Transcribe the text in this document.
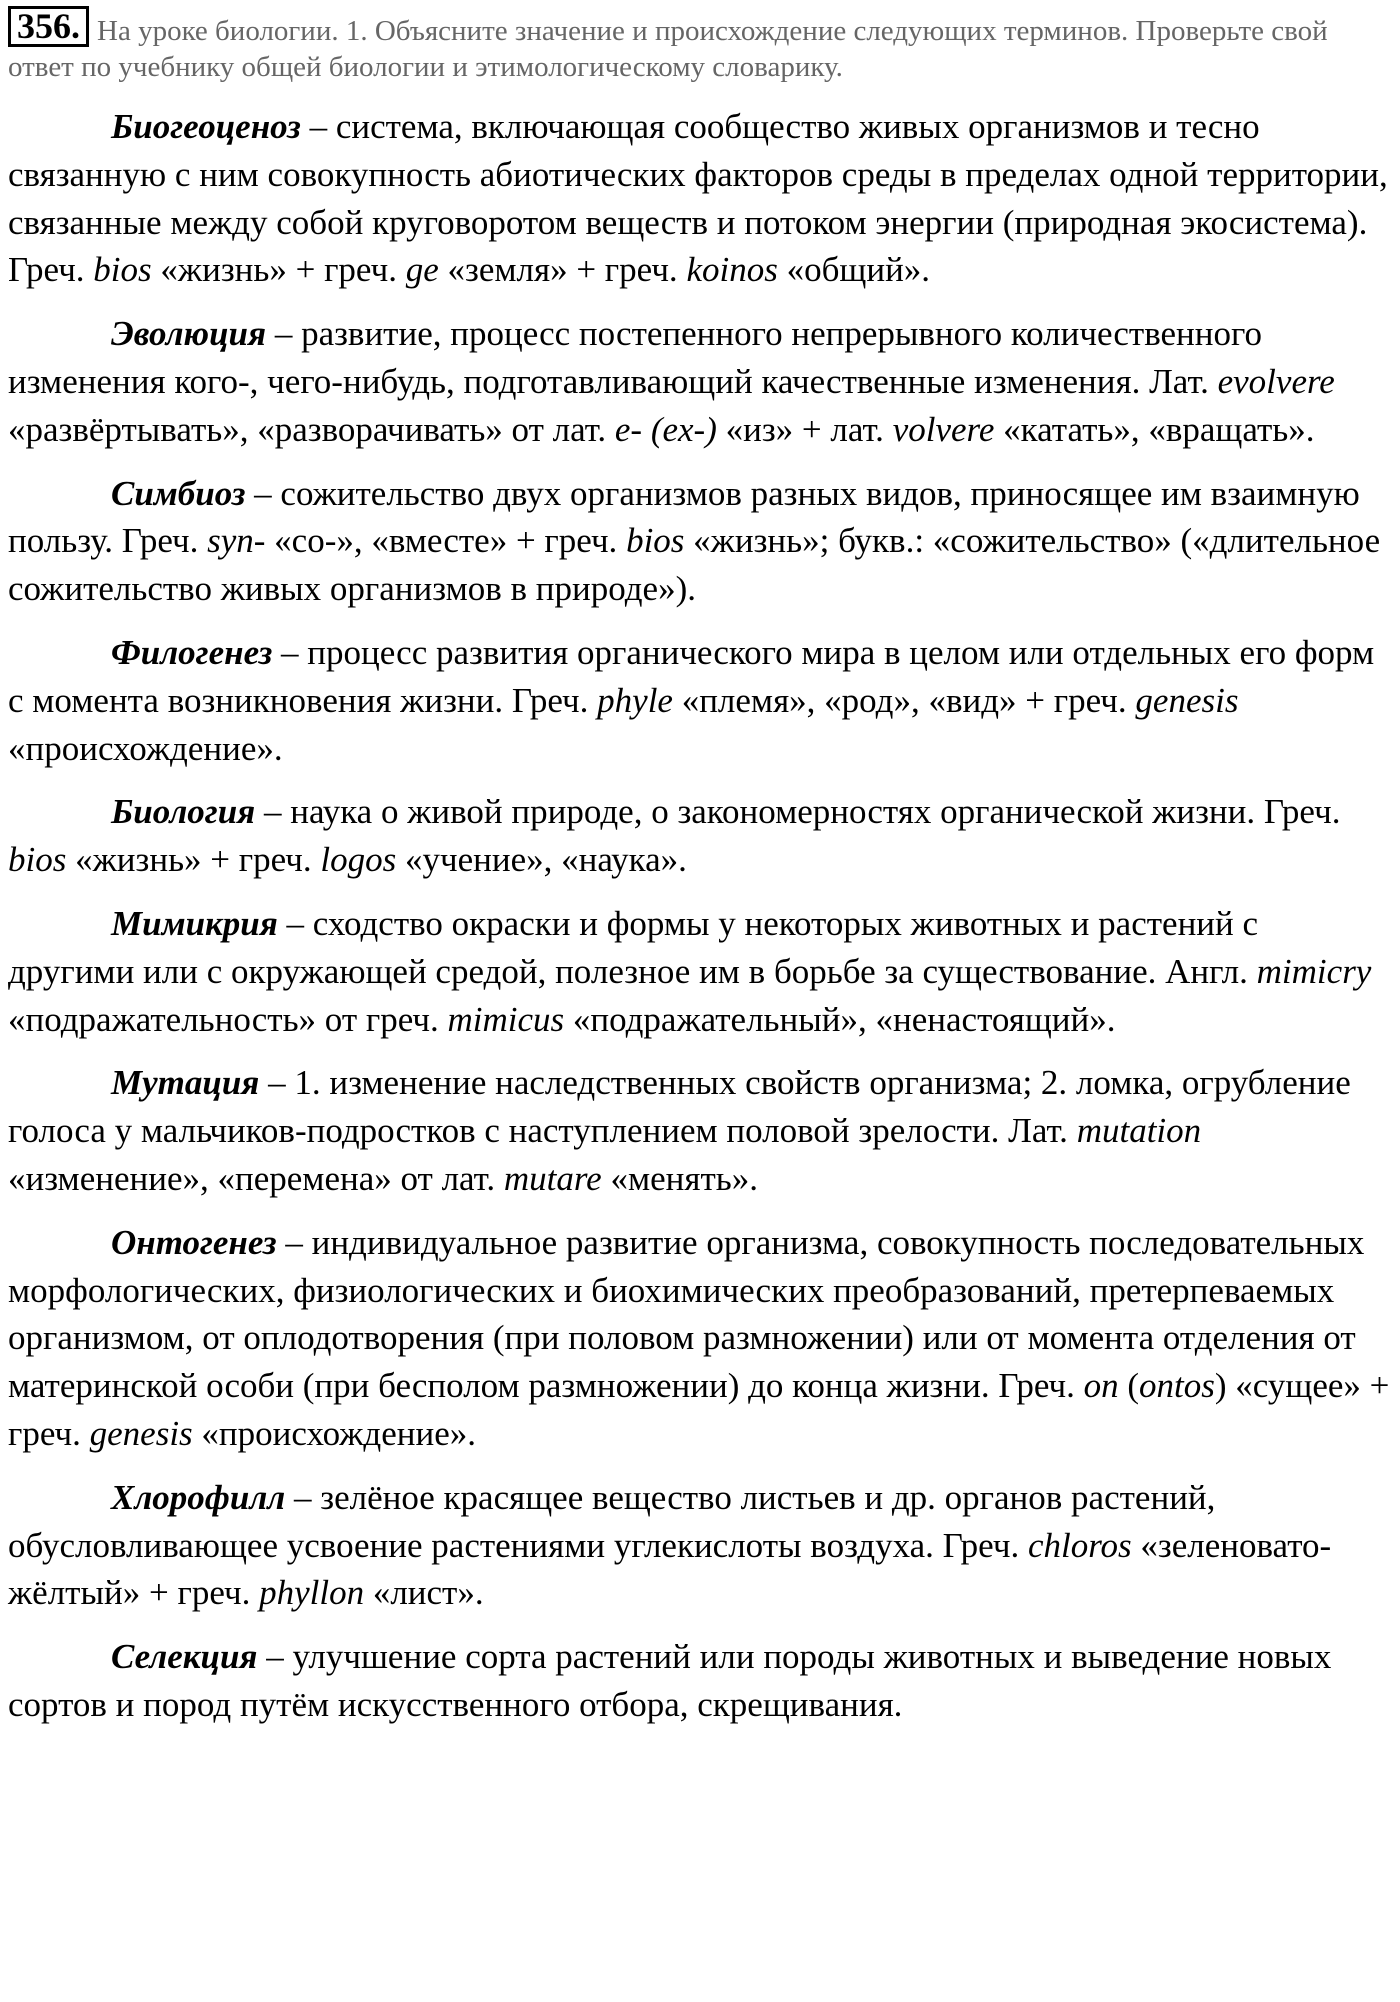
356. На уроке биологии. 1. Объясните значение и происхождение следующих терминов. Проверьте свой ответ по учебнику общей биологии и этимологическому словарику.

Биогеоценоз – система, включающая сообщество живых организмов и тесно связанную с ним совокупность абиотических факторов среды в пределах одной территории, связанные между собой круговоротом веществ и потоком энергии (природная экосистема). Греч. bios «жизнь» + греч. ge «земля» + греч. koinos «общий».

Эволюция – развитие, процесс постепенного непрерывного количественного изменения кого-, чего-нибудь, подготавливающий качественные изменения. Лат. evolvere «развёртывать», «разворачивать» от лат. e- (ex-) «из» + лат. volvere «катать», «вращать».

Симбиоз – сожительство двух организмов разных видов, приносящее им взаимную пользу. Греч. syn- «со-», «вместе» + греч. bios «жизнь»; букв.: «сожительство» («длительное сожительство живых организмов в природе»).

Филогенез – процесс развития органического мира в целом или отдельных его форм с момента возникновения жизни. Греч. phyle «племя», «род», «вид» + греч. genesis «происхождение».

Биология – наука о живой природе, о закономерностях органической жизни. Греч. bios «жизнь» + греч. logos «учение», «наука».

Мимикрия – сходство окраски и формы у некоторых животных и растений с другими или с окружающей средой, полезное им в борьбе за существование. Англ. mimicry «подражательность» от греч. mimicus «подражательный», «ненастоящий».

Мутация – 1. изменение наследственных свойств организма; 2. ломка, огрубление голоса у мальчиков-подростков с наступлением половой зрелости. Лат. mutation «изменение», «перемена» от лат. mutare «менять».

Онтогенез – индивидуальное развитие организма, совокупность последовательных морфологических, физиологических и биохимических преобразований, претерпеваемых организмом, от оплодотворения (при половом размножении) или от момента отделения от материнской особи (при бесполом размножении) до конца жизни. Греч. on (ontos) «сущее» + греч. genesis «происхождение».

Хлорофилл – зелёное красящее вещество листьев и др. органов растений, обусловливающее усвоение растениями углекислоты воздуха. Греч. chloros «зеленовато-жёлтый» + греч. phyllon «лист».

Селекция – улучшение сорта растений или породы животных и выведение новых сортов и пород путём искусственного отбора, скрещивания.
